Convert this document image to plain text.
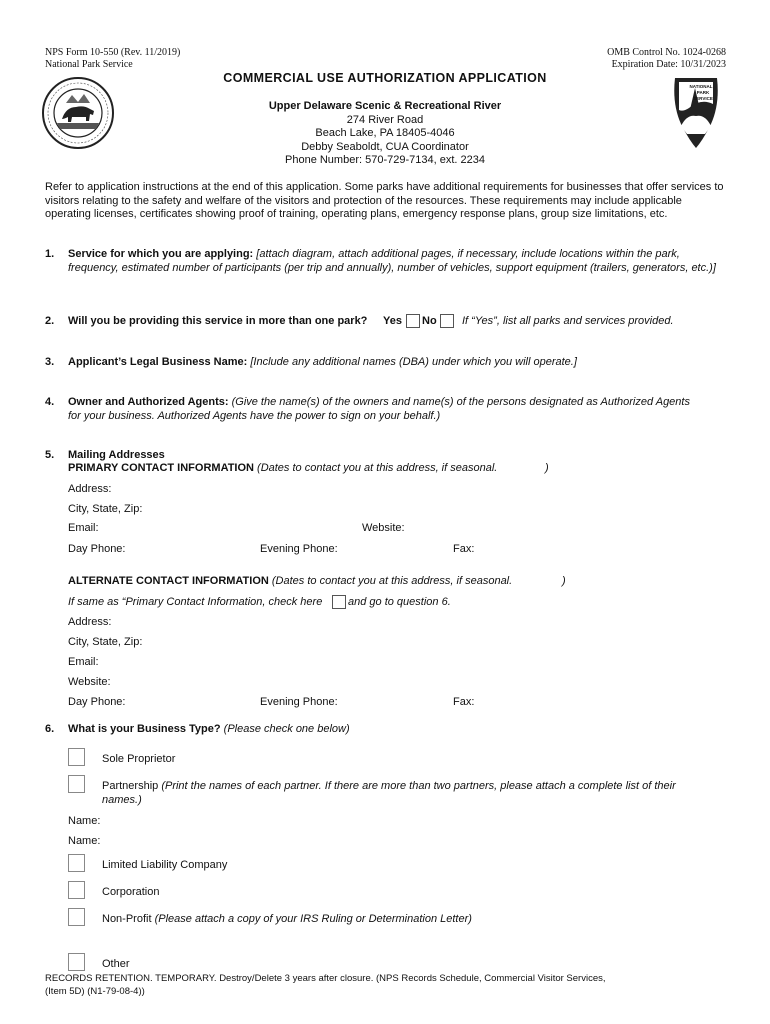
NPS Form 10-550 (Rev. 11/2019)
National Park Service
OMB Control No. 1024-0268
Expiration Date: 10/31/2023
NATIONAL
PARK
SERVICE
COMMERCIAL USE AUTHORIZATION APPLICATION
Upper Delaware Scenic & Recreational River
274 River Road
Beach Lake, PA 18405-4046
Debby Seaboldt, CUA Coordinator
Phone Number: 570-729-7134, ext. 2234
Refer to application instructions at the end of this application. Some parks have additional requirements for businesses that offer services to visitors relating to the safety and welfare of the visitors and protection of the resources. These requirements may include applicable operating licenses, certificates showing proof of training, operating plans, emergency response plans, group size limitations, etc.
1. Service for which you are applying: [attach diagram, attach additional pages, if necessary, include locations within the park, frequency, estimated number of participants (per trip and annually), number of vehicles, support equipment (trailers, generators, etc.)]
2. Will you be providing this service in more than one park? Yes No If “Yes”, list all parks and services provided.
3. Applicant’s Legal Business Name: [Include any additional names (DBA) under which you will operate.]
4. Owner and Authorized Agents: (Give the name(s) of the owners and name(s) of the persons designated as Authorized Agents
for your business. Authorized Agents have the power to sign on your behalf.)
5. Mailing Addresses
PRIMARY CONTACT INFORMATION (Dates to contact you at this address, if seasonal.	)
Address:
City, State, Zip:
Email:	Website:
Day Phone:	Evening Phone:	Fax:
ALTERNATE CONTACT INFORMATION (Dates to contact you at this address, if seasonal.	)
If same as “Primary Contact Information, check here and go to question 6.
Address:
City, State, Zip:
Email:
Website:
Day Phone:	Evening Phone:	Fax:
6. What is your Business Type? (Please check one below)
Sole Proprietor
Partnership (Print the names of each partner. If there are more than two partners, please attach a complete list of their
names.)
Name:
Name:
Limited Liability Company
Corporation
Non-Profit (Please attach a copy of your IRS Ruling or Determination Letter)
Other
RECORDS RETENTION. TEMPORARY. Destroy/Delete 3 years after closure. (NPS Records Schedule, Commercial Visitor Services,
(Item 5D) (N1-79-08-4))
